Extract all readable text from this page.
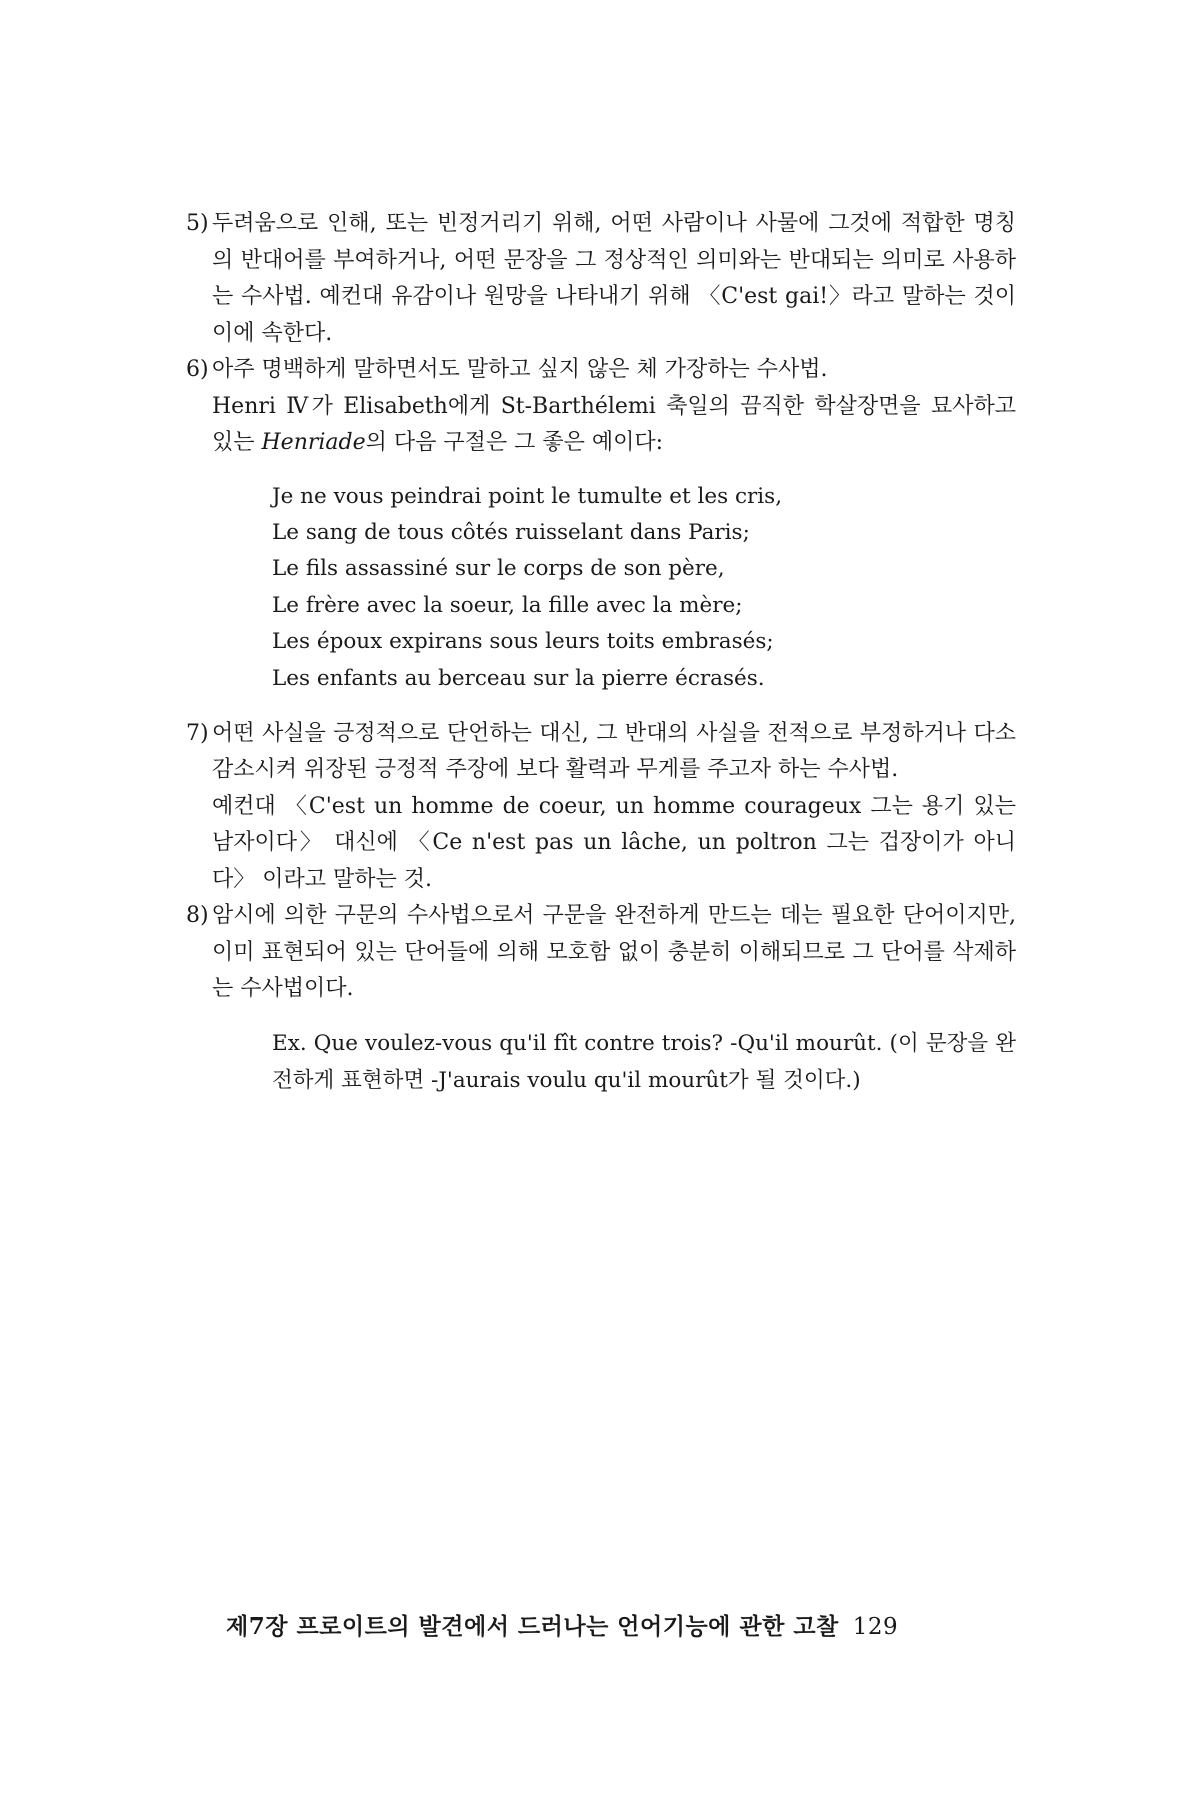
5) 두려움으로 인해, 또는 빈정거리기 위해, 어떤 사람이나 사물에 그것에 적합한 명칭의 반대어를 부여하거나, 어떤 문장을 그 정상적인 의미와는 반대되는 의미로 사용하는 수사법. 예컨대 유감이나 원망을 나타내기 위해 〈C'est gai!〉라고 말하는 것이 이에 속한다.

6) 아주 명백하게 말하면서도 말하고 싶지 않은 체 가장하는 수사법.

Henri Ⅳ가 Elisabeth에게 St-Barthélemi 축일의 끔직한 학살장면을 묘사하고 있는 Henriade의 다음 구절은 그 좋은 예이다:

Je ne vous peindrai point le tumulte et les cris,
Le sang de tous côtés ruisselant dans Paris;
Le fils assassiné sur le corps de son père,
Le frère avec la soeur, la fille avec la mère;
Les époux expirans sous leurs toits embrasés;
Les enfants au berceau sur la pierre écrasés.
7) 어떤 사실을 긍정적으로 단언하는 대신, 그 반대의 사실을 전적으로 부정하거나 다소 감소시켜 위장된 긍정적 주장에 보다 활력과 무게를 주고자 하는 수사법.

예컨대 〈C'est un homme de coeur, un homme courageux 그는 용기 있는 남자이다〉 대신에 〈Ce n'est pas un lâche, un poltron 그는 겁장이가 아니다〉 이라고 말하는 것.

8) 암시에 의한 구문의 수사법으로서 구문을 완전하게 만드는 데는 필요한 단어이지만, 이미 표현되어 있는 단어들에 의해 모호함 없이 충분히 이해되므로 그 단어를 삭제하는 수사법이다.

Ex. Que voulez-vous qu'il fît contre trois? -Qu'il mourût. (이 문장을 완전하게 표현하면 -J'aurais voulu qu'il mourût가 될 것이다.)
제7장 프로이트의 발견에서 드러나는 언어기능에 관한 고찰 129
